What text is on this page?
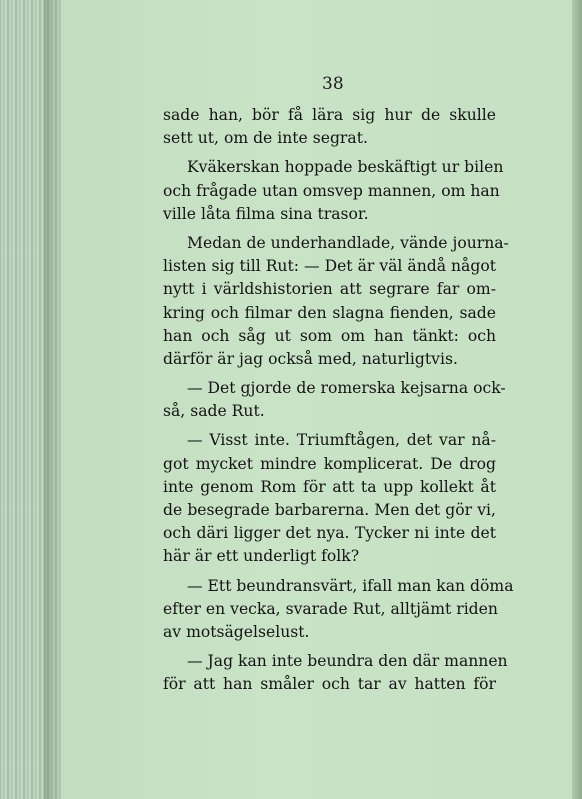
38
sade han, bör få lära sig hur de skulle
sett ut, om de inte segrat.
Kväkerskan hoppade beskäftigt ur bilen
och frågade utan omsvep mannen, om han
ville låta filma sina trasor.
Medan de underhandlade, vände journa-
listen sig till Rut: — Det är väl ändå något
nytt i världshistorien att segrare far om-
kring och filmar den slagna fienden, sade
han och såg ut som om han tänkt: och
därför är jag också med, naturligtvis.
— Det gjorde de romerska kejsarna ock-
så, sade Rut.
— Visst inte. Triumftågen, det var nå-
got mycket mindre komplicerat. De drog
inte genom Rom för att ta upp kollekt åt
de besegrade barbarerna. Men det gör vi,
och däri ligger det nya. Tycker ni inte det
här är ett underligt folk?
— Ett beundransvärt, ifall man kan döma
efter en vecka, svarade Rut, alltjämt riden
av motsägelselust.
— Jag kan inte beundra den där mannen
för att han småler och tar av hatten för
